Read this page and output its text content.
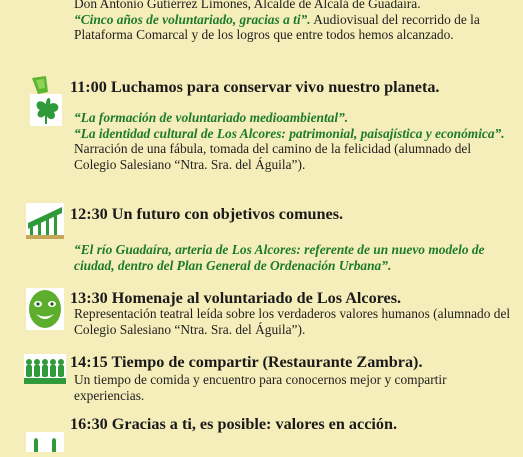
Don Antonio Gutiérrez Limones, Alcalde de Alcalá de Guadaíra.
“Cinco años de voluntariado, gracias a ti”. Audiovisual del recorrido de la Plataforma Comarcal y de los logros que entre todos hemos alcanzado.
11:00 Luchamos para conservar vivo nuestro planeta.
“La formación de voluntariado medioambiental”.
“La identidad cultural de Los Alcores: patrimonial, paisajística y económica”.
Narración de una fábula, tomada del camino de la felicidad (alumnado del Colegio Salesiano “Ntra. Sra. del Águila”).
12:30 Un futuro con objetivos comunes.
“El río Guadaíra, arteria de Los Alcores: referente de un nuevo modelo de ciudad, dentro del Plan General de Ordenación Urbana”.
13:30 Homenaje al voluntariado de Los Alcores.
Representación teatral leída sobre los verdaderos valores humanos (alumnado del Colegio Salesiano “Ntra. Sra. del Águila”).
14:15 Tiempo de compartir (Restaurante Zambra).
Un tiempo de comida y encuentro para conocernos mejor y compartir experiencias.
16:30 Gracias a ti, es posible: valores en acción.
